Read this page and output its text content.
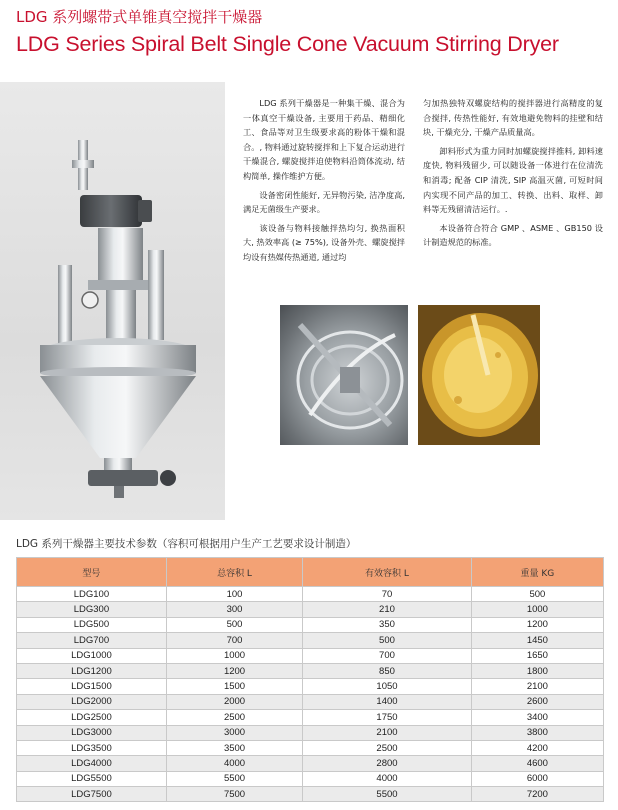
LDG 系列螺带式单锥真空搅拌干燥器
LDG Series Spiral Belt Single Cone Vacuum Stirring Dryer

LDG 系列干燥器是一种集干燥、混合为一体真空干燥设备, 主要用于药品、精细化工、食品等对卫生级要求高的粉体干燥和混合。, 物料通过旋转搅拌和上下复合运动进行干燥混合, 螺旋搅拌迫使物料沿筒体流动, 结构简单, 操作维护方便。

设备密闭性能好, 无异物污染, 洁净度高, 满足无菌级生产要求。

该设备与物料接触拌热均匀, 换热面积大, 热效率高 (≥ 75%), 设备外壳、螺旋搅拌均设有热媒传热通道, 通过均

匀加热独特双螺旋结构的搅拌器进行高精度的复合搅拌, 传热性能好, 有效地避免物料的挂壁和结块, 干燥充分, 干燥产品质量高。

卸料形式为重力同时加螺旋搅拌推料, 卸料速度快, 物料残留少, 可以随设备一体进行在位清洗和消毒; 配备 CIP 清洗, SIP 高温灭菌, 可短时间内实现不同产品的加工、转换、出料、取样、卸料等无残留清洁运行。.

本设备符合符合 GMP 、ASME 、GB150 设计制造规范的标准。

LDG 系列干燥器主要技术参数（容积可根据用户生产工艺要求设计制造）
型号	总容积 L	有效容积 L	重量 KG
LDG100	100	70	500
LDG300	300	210	1000
LDG500	500	350	1200
LDG700	700	500	1450
LDG1000	1000	700	1650
LDG1200	1200	850	1800
LDG1500	1500	1050	2100
LDG2000	2000	1400	2600
LDG2500	2500	1750	3400
LDG3000	3000	2100	3800
LDG3500	3500	2500	4200
LDG4000	4000	2800	4600
LDG5500	5500	4000	6000
LDG7500	7500	5500	7200
